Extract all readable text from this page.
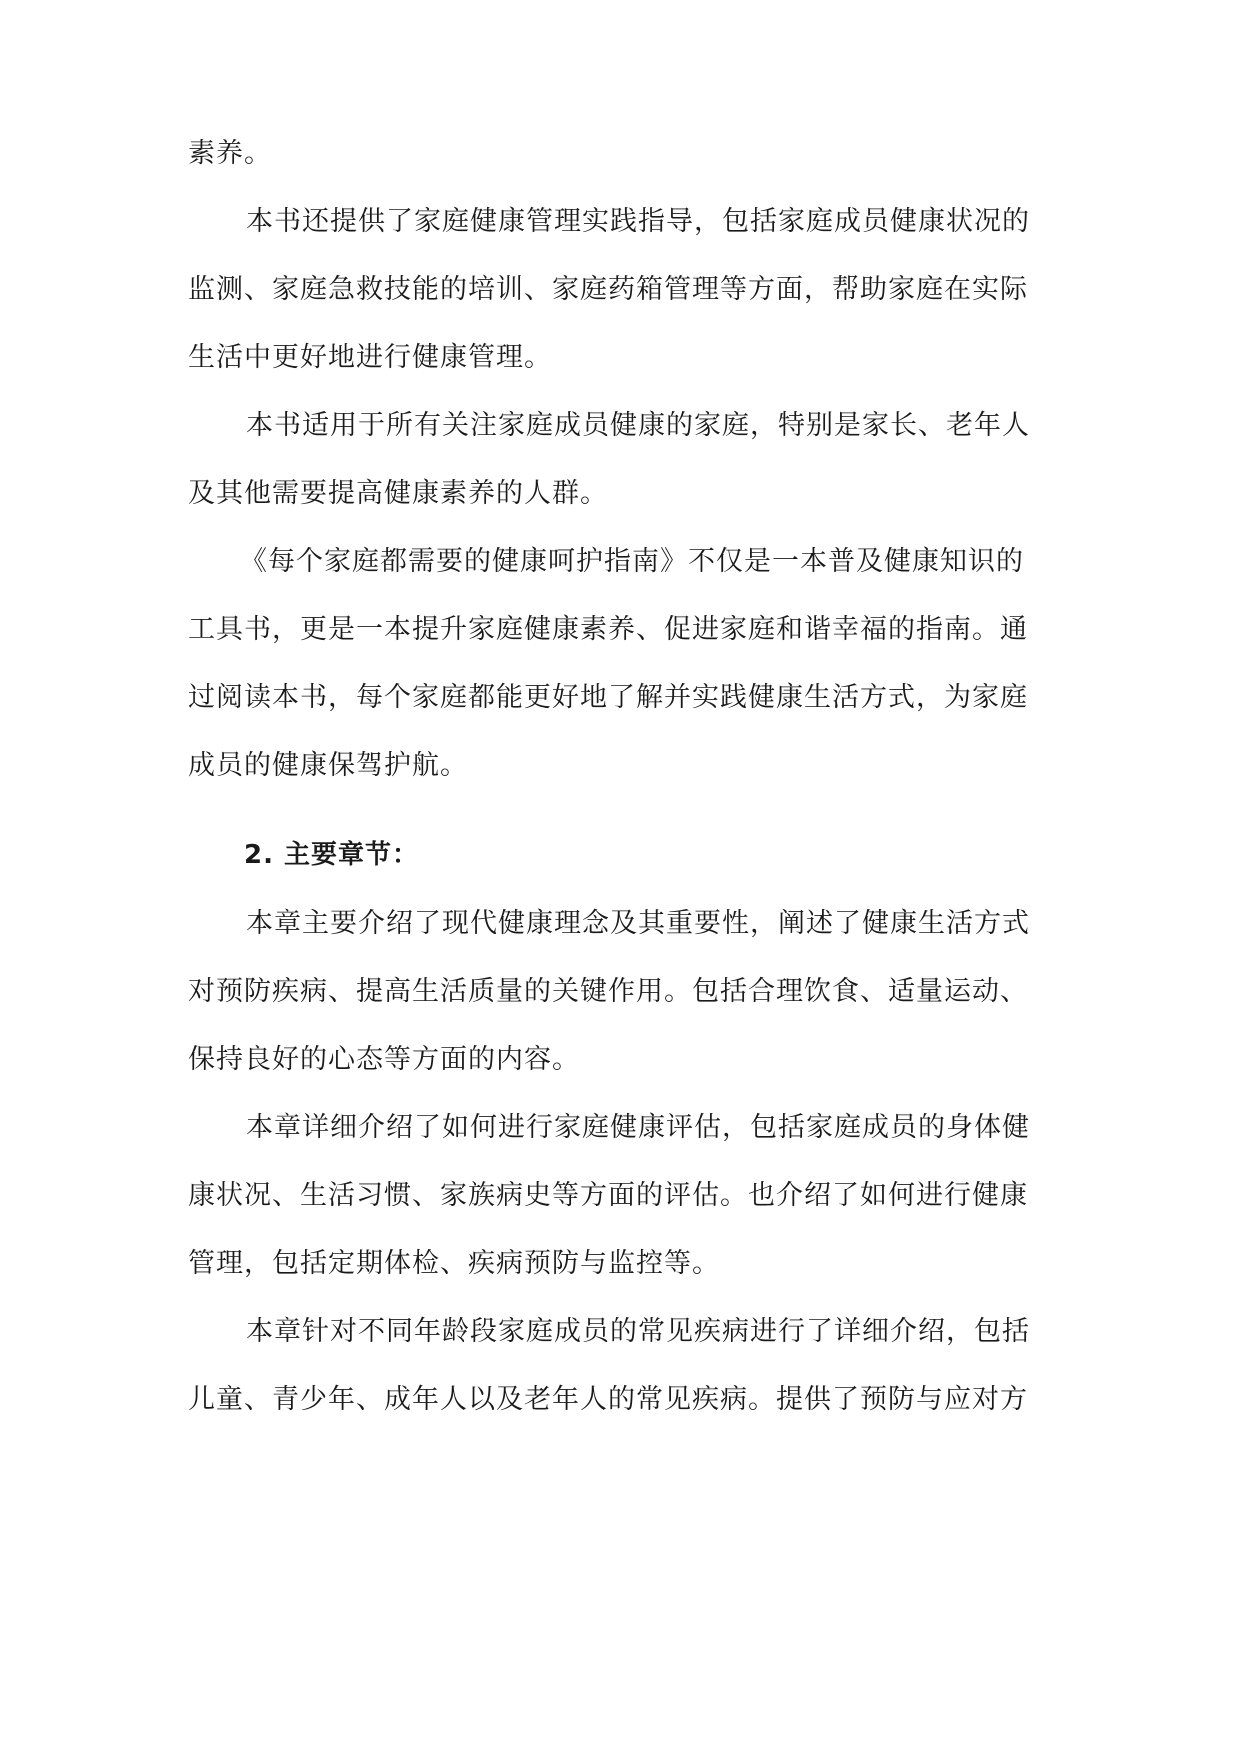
素养。
本书还提供了家庭健康管理实践指导，包括家庭成员健康状况的
监测、家庭急救技能的培训、家庭药箱管理等方面，帮助家庭在实际
生活中更好地进行健康管理。
本书适用于所有关注家庭成员健康的家庭，特别是家长、老年人
及其他需要提高健康素养的人群。
《每个家庭都需要的健康呵护指南》不仅是一本普及健康知识的
工具书，更是一本提升家庭健康素养、促进家庭和谐幸福的指南。通
过阅读本书，每个家庭都能更好地了解并实践健康生活方式，为家庭
成员的健康保驾护航。
2. 主要章节：
本章主要介绍了现代健康理念及其重要性，阐述了健康生活方式
对预防疾病、提高生活质量的关键作用。包括合理饮食、适量运动、
保持良好的心态等方面的内容。
本章详细介绍了如何进行家庭健康评估，包括家庭成员的身体健
康状况、生活习惯、家族病史等方面的评估。也介绍了如何进行健康
管理，包括定期体检、疾病预防与监控等。
本章针对不同年龄段家庭成员的常见疾病进行了详细介绍，包括
儿童、青少年、成年人以及老年人的常见疾病。提供了预防与应对方
